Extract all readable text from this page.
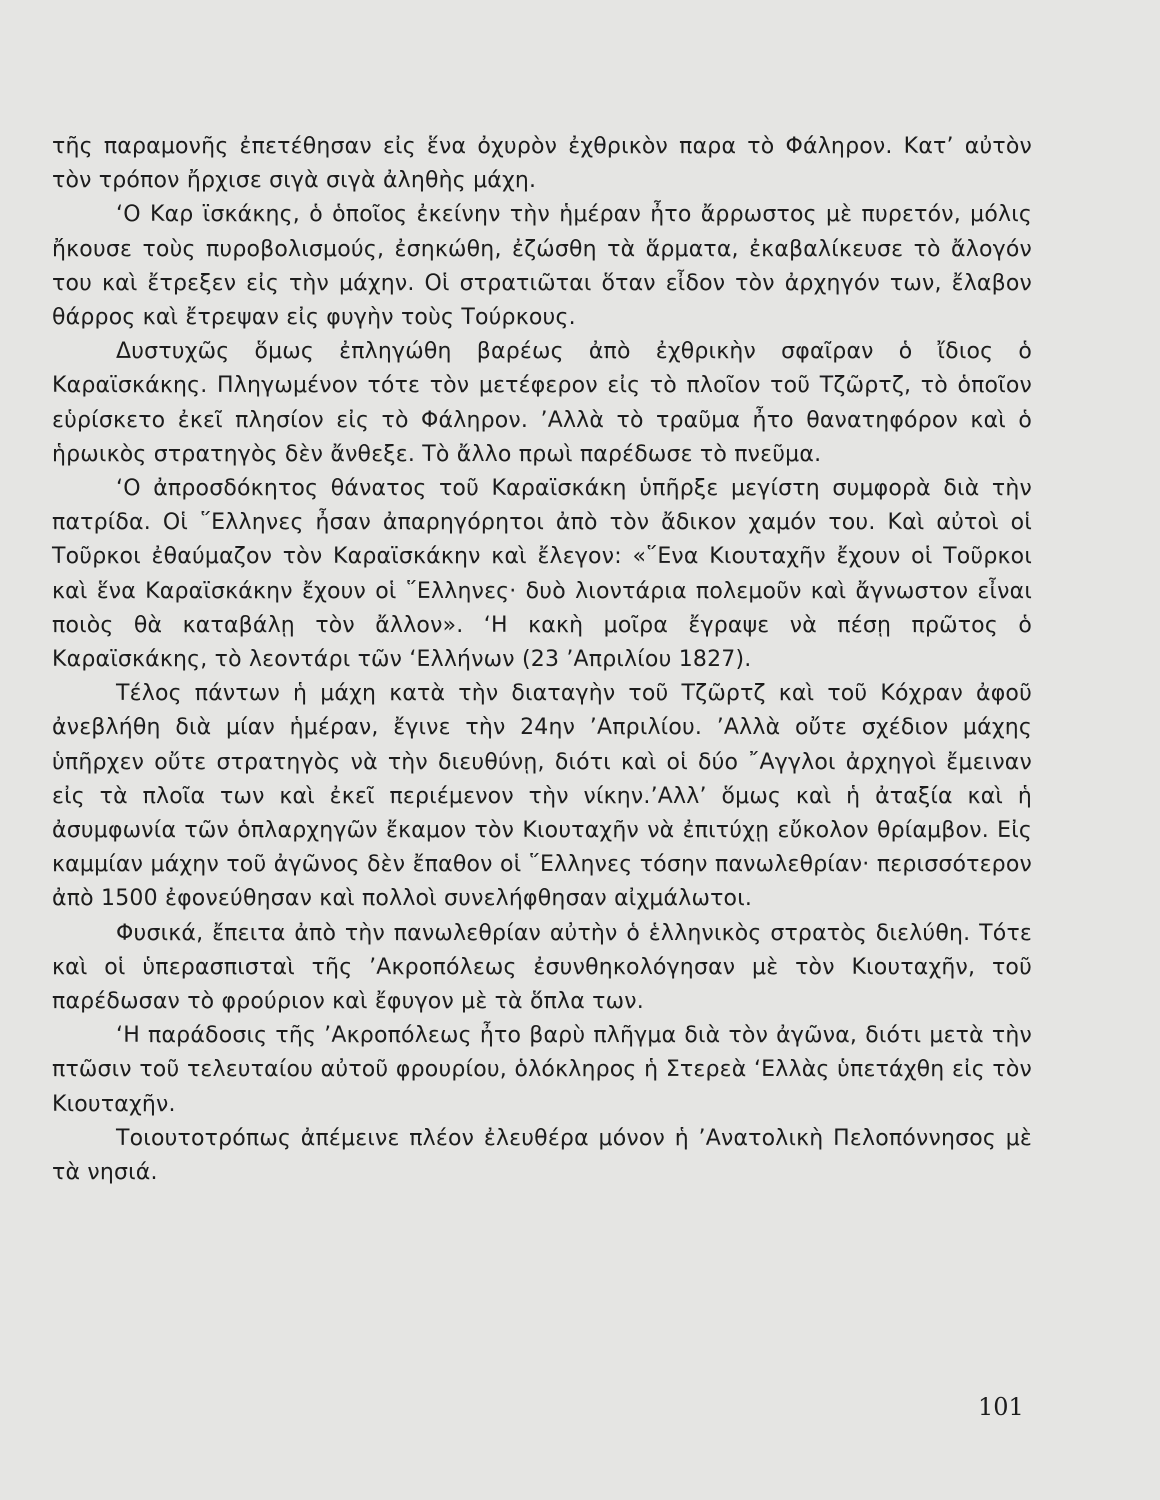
τῆς παραμονῆς ἐπετέθησαν εἰς ἕνα ὀχυρὸν ἐχθρικὸν παρα τὸ Φάληρον. Κατ’ αὐτὸν τὸν τρόπον ἤρχισε σιγὰ σιγὰ ἀληθὴς μάχη.

‘Ο Καρ ϊσκάκης, ὁ ὁποῖος ἐκείνην τὴν ἡμέραν ἦτο ἄρρωστος μὲ πυρετόν, μόλις ἤκουσε τοὺς πυροβολισμούς, ἐσηκώθη, ἐζώσθη τὰ ἅρματα, ἐκαβαλίκευσε τὸ ἄλογόν του καὶ ἔτρεξεν εἰς τὴν μάχην. Οἱ στρατιῶται ὅταν εἶδον τὸν ἀρχηγόν των, ἔλαβον θάρρος καὶ ἔτρεψαν εἰς φυγὴν τοὺς Τούρκους.

Δυστυχῶς ὅμως ἐπληγώθη βαρέως ἀπὸ ἐχθρικὴν σφαῖραν ὁ ἴδιος ὁ Καραϊσκάκης. Πληγωμένον τότε τὸν μετέφερον εἰς τὸ πλοῖον τοῦ Τζῶρτζ, τὸ ὁποῖον εὑρίσκετο ἐκεῖ πλησίον εἰς τὸ Φάληρον. ’Αλλὰ τὸ τραῦμα ἦτο θανατηφόρον καὶ ὁ ἡρωικὸς στρατηγὸς δὲν ἄνθεξε. Τὸ ἄλλο πρωὶ παρέδωσε τὸ πνεῦμα.

‘Ο ἀπροσδόκητος θάνατος τοῦ Καραϊσκάκη ὑπῆρξε μεγίστη συμφορὰ διὰ τὴν πατρίδα. Οἱ ῞Ελληνες ἦσαν ἀπαρηγόρητοι ἀπὸ τὸν ἄδικον χαμόν του. Καὶ αὐτοὶ οἱ Τοῦρκοι ἐθαύμαζον τὸν Καραϊσκάκην καὶ ἔλεγον: «῞Ενα Κιουταχῆν ἔχουν οἱ Τοῦρκοι καὶ ἕνα Καραϊσκάκην ἔχουν οἱ ῞Ελληνες· δυὸ λιοντάρια πολεμοῦν καὶ ἄγνωστον εἶναι ποιὸς θὰ καταβάλῃ τὸν ἄλλον». ‘Η κακὴ μοῖρα ἔγραψε νὰ πέσῃ πρῶτος ὁ Καραϊσκάκης, τὸ λεοντάρι τῶν ‘Ελλήνων (23 ’Απριλίου 1827).

Τέλος πάντων ἡ μάχη κατὰ τὴν διαταγὴν τοῦ Τζῶρτζ καὶ τοῦ Κόχραν ἀφοῦ ἀνεβλήθη διὰ μίαν ἡμέραν, ἔγινε τὴν 24ην ’Απριλίου. ’Αλλὰ οὔτε σχέδιον μάχης ὑπῆρχεν οὔτε στρατηγὸς νὰ τὴν διευθύνῃ, διότι καὶ οἱ δύο ῎Αγγλοι ἀρχηγοὶ ἔμειναν εἰς τὰ πλοῖα των καὶ ἐκεῖ περιέμενον τὴν νίκην.’Αλλ’ ὅμως καὶ ἡ ἀταξία καὶ ἡ ἀσυμφωνία τῶν ὁπλαρχηγῶν ἔκαμον τὸν Κιουταχῆν νὰ ἐπιτύχῃ εὔκολον θρίαμβον. Εἰς καμμίαν μάχην τοῦ ἀγῶνος δὲν ἔπαθον οἱ ῞Ελληνες τόσην πανωλεθρίαν· περισσότερον ἀπὸ 1500 ἐφονεύθησαν καὶ πολλοὶ συνελήφθησαν αἰχμάλωτοι.

Φυσικά, ἔπειτα ἀπὸ τὴν πανωλεθρίαν αὐτὴν ὁ ἑλληνικὸς στρατὸς διελύθη. Τότε καὶ οἱ ὑπερασπισταὶ τῆς ’Ακροπόλεως ἐσυνθηκολόγησαν μὲ τὸν Κιουταχῆν, τοῦ παρέδωσαν τὸ φρούριον καὶ ἔφυγον μὲ τὰ ὅπλα των.

‘Η παράδοσις τῆς ’Ακροπόλεως ἦτο βαρὺ πλῆγμα διὰ τὸν ἀγῶνα, διότι μετὰ τὴν πτῶσιν τοῦ τελευταίου αὐτοῦ φρουρίου, ὁλόκληρος ἡ Στερεὰ ‘Ελλὰς ὑπετάχθη εἰς τὸν Κιουταχῆν.

Τοιουτοτρόπως ἀπέμεινε πλέον ἐλευθέρα μόνον ἡ ’Ανατολικὴ Πελοπόννησος μὲ τὰ νησιά.

101
